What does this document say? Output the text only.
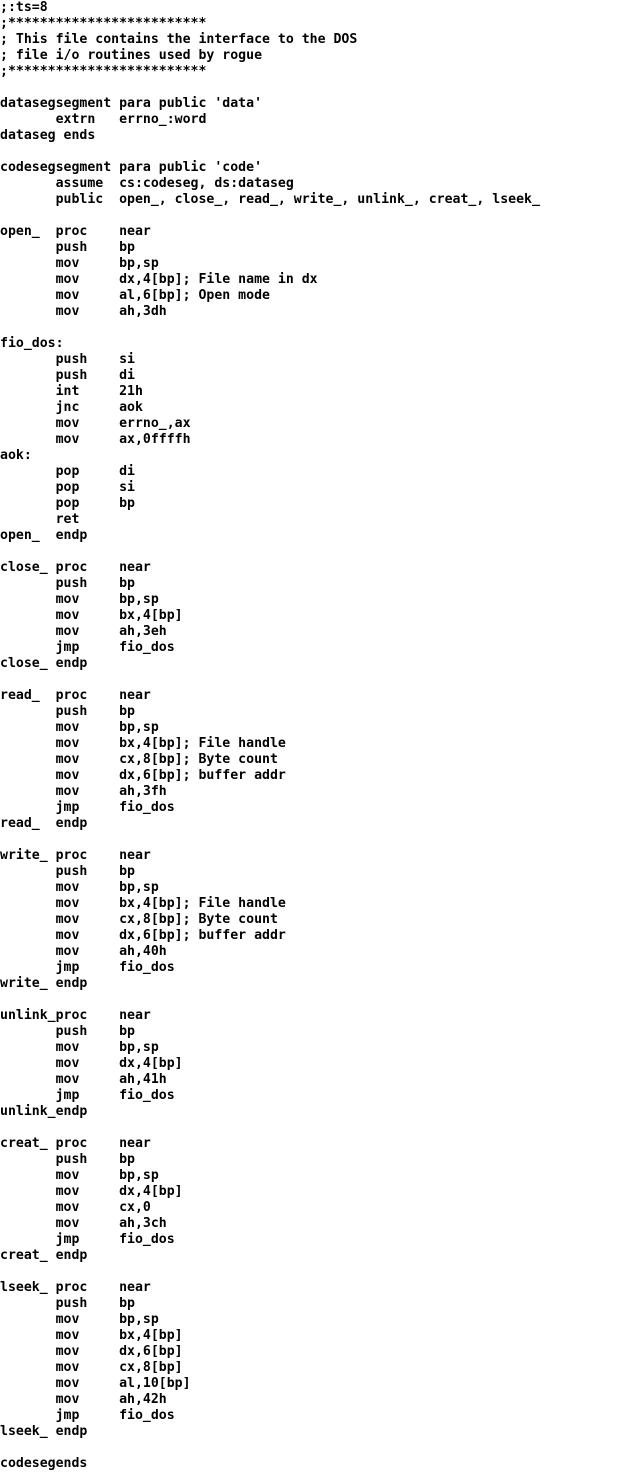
;:ts=8
;*************************
; This file contains the interface to the DOS
; file i/o routines used by rogue
;*************************
datasegsegment para public 'data'
extrn   errno_:word
dataseg ends
codesegsegment para public 'code'
assume  cs:codeseg, ds:dataseg
public  open_, close_, read_, write_, unlink_, creat_, lseek_
open_  proc    near
push    bp
mov     bp,sp
mov     dx,4[bp]; File name in dx
mov     al,6[bp]; Open mode
mov     ah,3dh
fio_dos:
push    si
push    di
int     21h
jnc     aok
mov     errno_,ax
mov     ax,0ffffh
aok:
pop     di
pop     si
pop     bp
ret
open_  endp
close_ proc    near
push    bp
mov     bp,sp
mov     bx,4[bp]
mov     ah,3eh
jmp     fio_dos
close_ endp
read_  proc    near
push    bp
mov     bp,sp
mov     bx,4[bp]; File handle
mov     cx,8[bp]; Byte count
mov     dx,6[bp]; buffer addr
mov     ah,3fh
jmp     fio_dos
read_  endp
write_ proc    near
push    bp
mov     bp,sp
mov     bx,4[bp]; File handle
mov     cx,8[bp]; Byte count
mov     dx,6[bp]; buffer addr
mov     ah,40h
jmp     fio_dos
write_ endp
unlink_proc    near
push    bp
mov     bp,sp
mov     dx,4[bp]
mov     ah,41h
jmp     fio_dos
unlink_endp
creat_ proc    near
push    bp
mov     bp,sp
mov     dx,4[bp]
mov     cx,0
mov     ah,3ch
jmp     fio_dos
creat_ endp
lseek_ proc    near
push    bp
mov     bp,sp
mov     bx,4[bp]
mov     dx,6[bp]
mov     cx,8[bp]
mov     al,10[bp]
mov     ah,42h
jmp     fio_dos
lseek_ endp
codesegends
